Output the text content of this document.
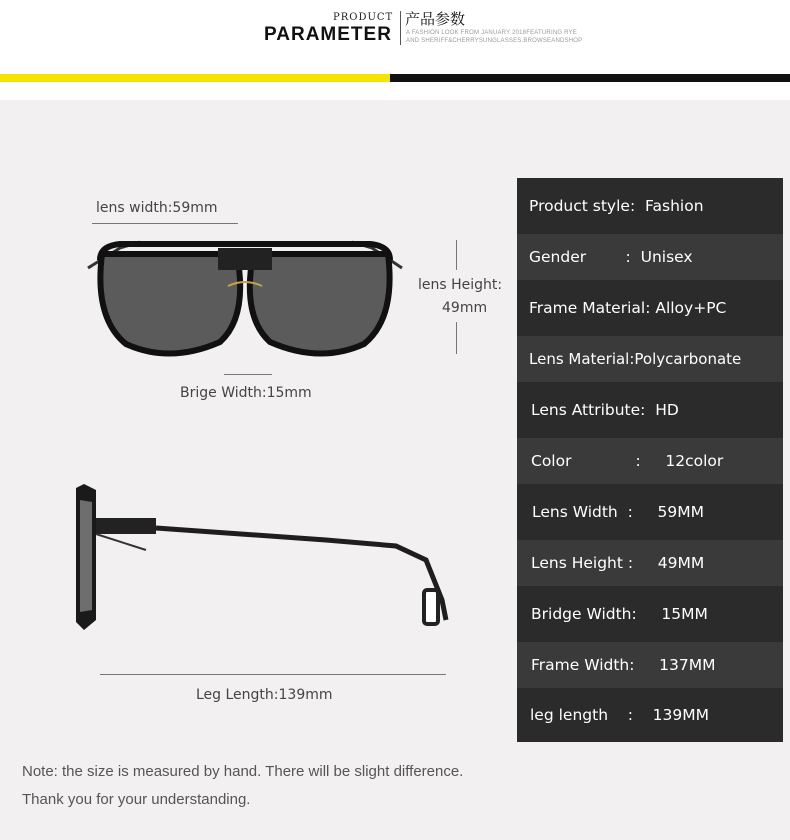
PRODUCT
PARAMETER
产品参数
A FASHION LOOK FROM JANUARY 2018FEATURING RYE
AND SHERIFF&CHERRYSUNGLASSES.BROWSEANDSHOP
lens width:59mm
Brige Width:15mm
lens Height:
49mm
Leg Length:139mm
Product style:  Fashion
Gender        :  Unisex
Frame Material: Alloy+PC
Lens Material:Polycarbonate
Lens Attribute:  HD
Color             :     12color
Lens Width  :     59MM
Lens Height :     49MM
Bridge Width:     15MM
Frame Width:     137MM
leg length    :    139MM
Note: the size is measured by hand. There will be slight difference.
Thank you for your understanding.
